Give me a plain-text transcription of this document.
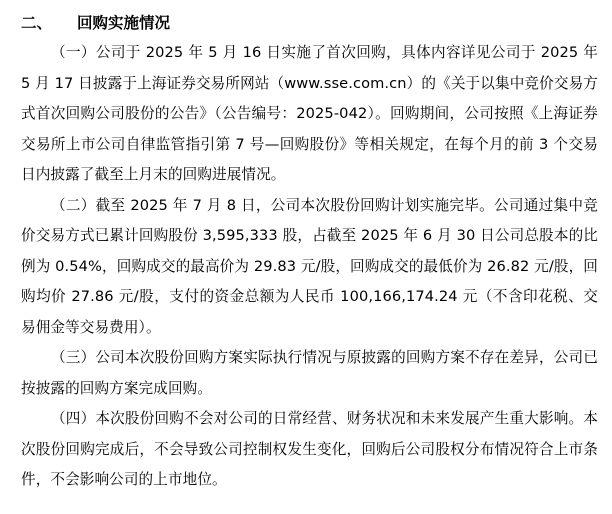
二、 回购实施情况

（一）公司于 2025 年 5 月 16 日实施了首次回购，具体内容详见公司于 2025 年 5 月 17 日披露于上海证券交易所网站（www.sse.com.cn）的《关于以集中竞价交易方式首次回购公司股份的公告》（公告编号：2025-042）。回购期间，公司按照《上海证券交易所上市公司自律监管指引第 7 号—回购股份》等相关规定，在每个月的前 3 个交易日内披露了截至上月末的回购进展情况。

（二）截至 2025 年 7 月 8 日，公司本次股份回购计划实施完毕。公司通过集中竞价交易方式已累计回购股份 3,595,333 股，占截至 2025 年 6 月 30 日公司总股本的比例为 0.54%，回购成交的最高价为 29.83 元/股，回购成交的最低价为 26.82 元/股，回购均价 27.86 元/股，支付的资金总额为人民币 100,166,174.24 元（不含印花税、交易佣金等交易费用）。

（三）公司本次股份回购方案实际执行情况与原披露的回购方案不存在差异，公司已按披露的回购方案完成回购。

（四）本次股份回购不会对公司的日常经营、财务状况和未来发展产生重大影响。本次股份回购完成后，不会导致公司控制权发生变化，回购后公司股权分布情况符合上市条件，不会影响公司的上市地位。
